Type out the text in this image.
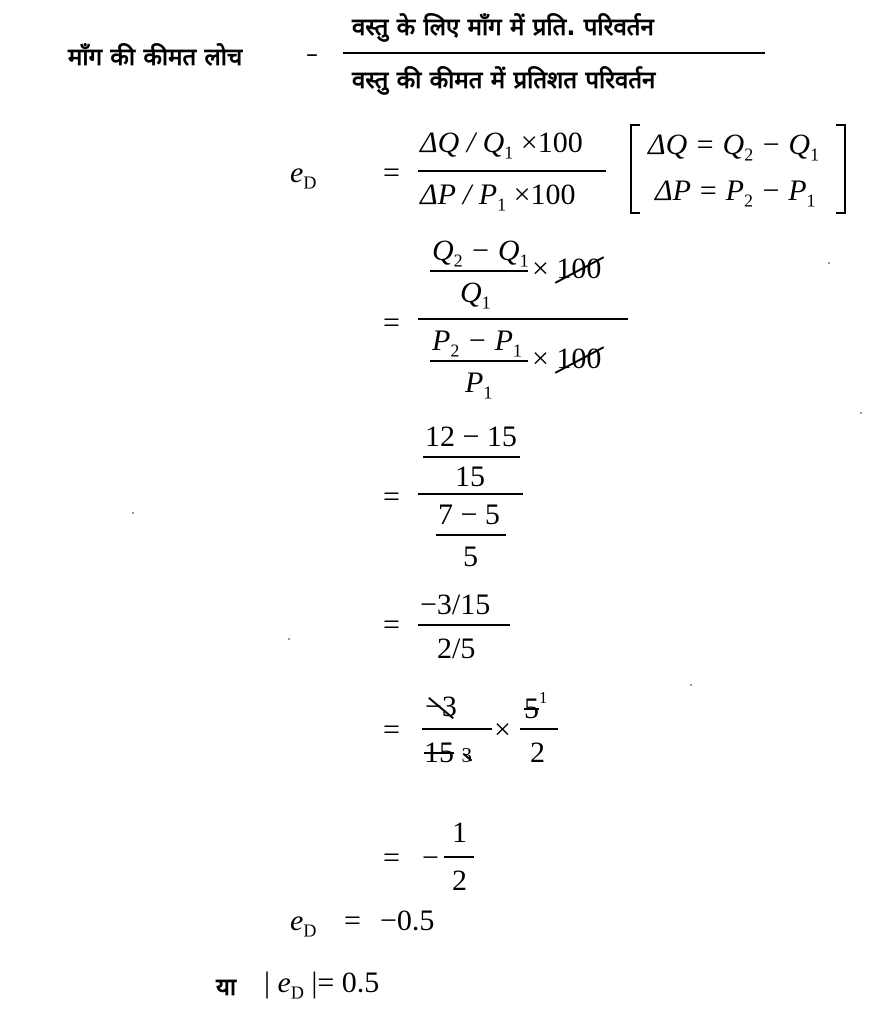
माँग की कीमत लोच	–
वस्तु के लिए माँग में प्रति. परिवर्तन
वस्तु की कीमत में प्रतिशत परिवर्तन
$e_D$ =
$\Delta Q / Q_1 \times 100$
$\Delta P / P_1 \times 100$
$\Delta Q = Q_2 - Q_1$
$\Delta P = P_2 - P_1$
$Q_2 - Q_1 \times 100$
$Q_1$
=
$P_2 - P_1 \times 100$
$P_1$
12 − 15
15
=
7 − 5
5
−3/15
=
2/5
−3
=
15 3
×
$5^1$
2
= −
1
2
$e_D = -0.5$
या | $e_D$ |= 0.5
